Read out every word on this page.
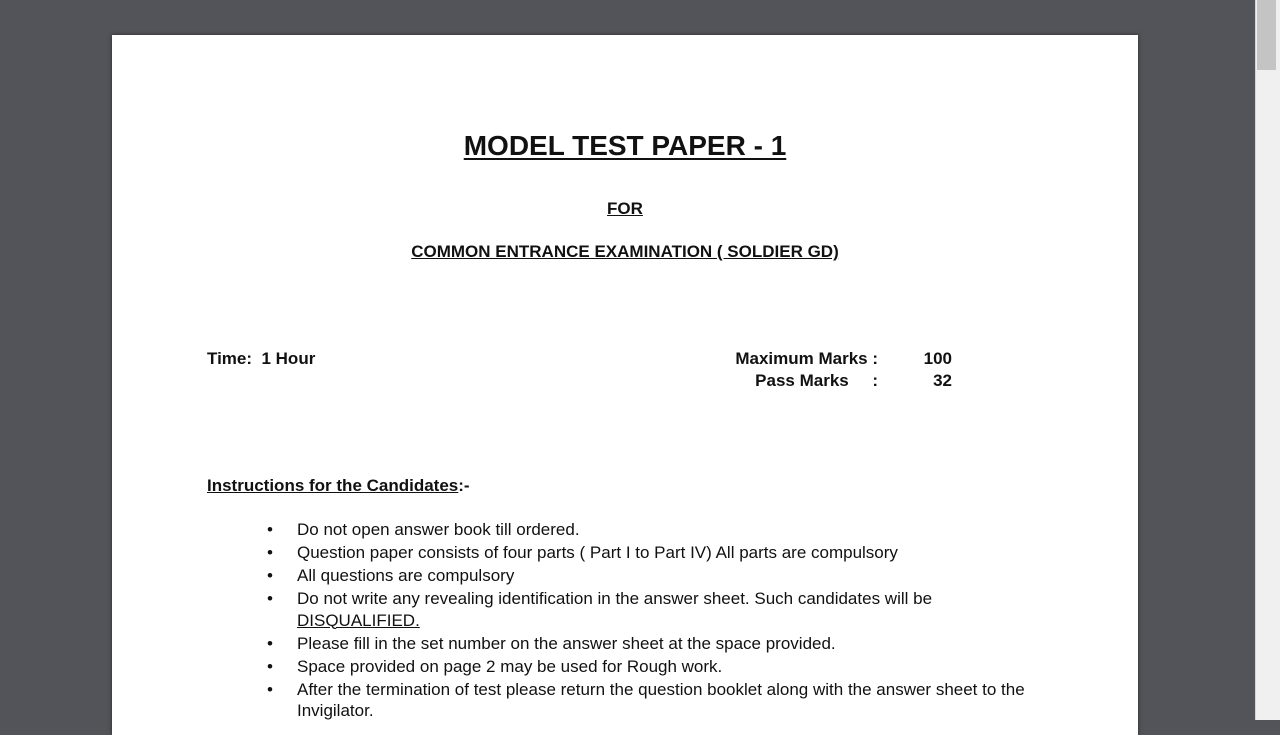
MODEL TEST PAPER - 1
FOR
COMMON ENTRANCE EXAMINATION ( SOLDIER GD)
Time:  1 Hour	Maximum Marks :	100
Pass Marks     :	32
Instructions for the Candidates:-
• Do not open answer book till ordered.
• Question paper consists of four parts ( Part I to Part IV) All parts are compulsory
• All questions are compulsory
• Do not write any revealing identification in the answer sheet. Such candidates will be
DISQUALIFIED.
• Please fill in the set number on the answer sheet at the space provided.
• Space provided on page 2 may be used for Rough work.
• After the termination of test please return the question booklet along with the answer sheet to the Invigilator.
